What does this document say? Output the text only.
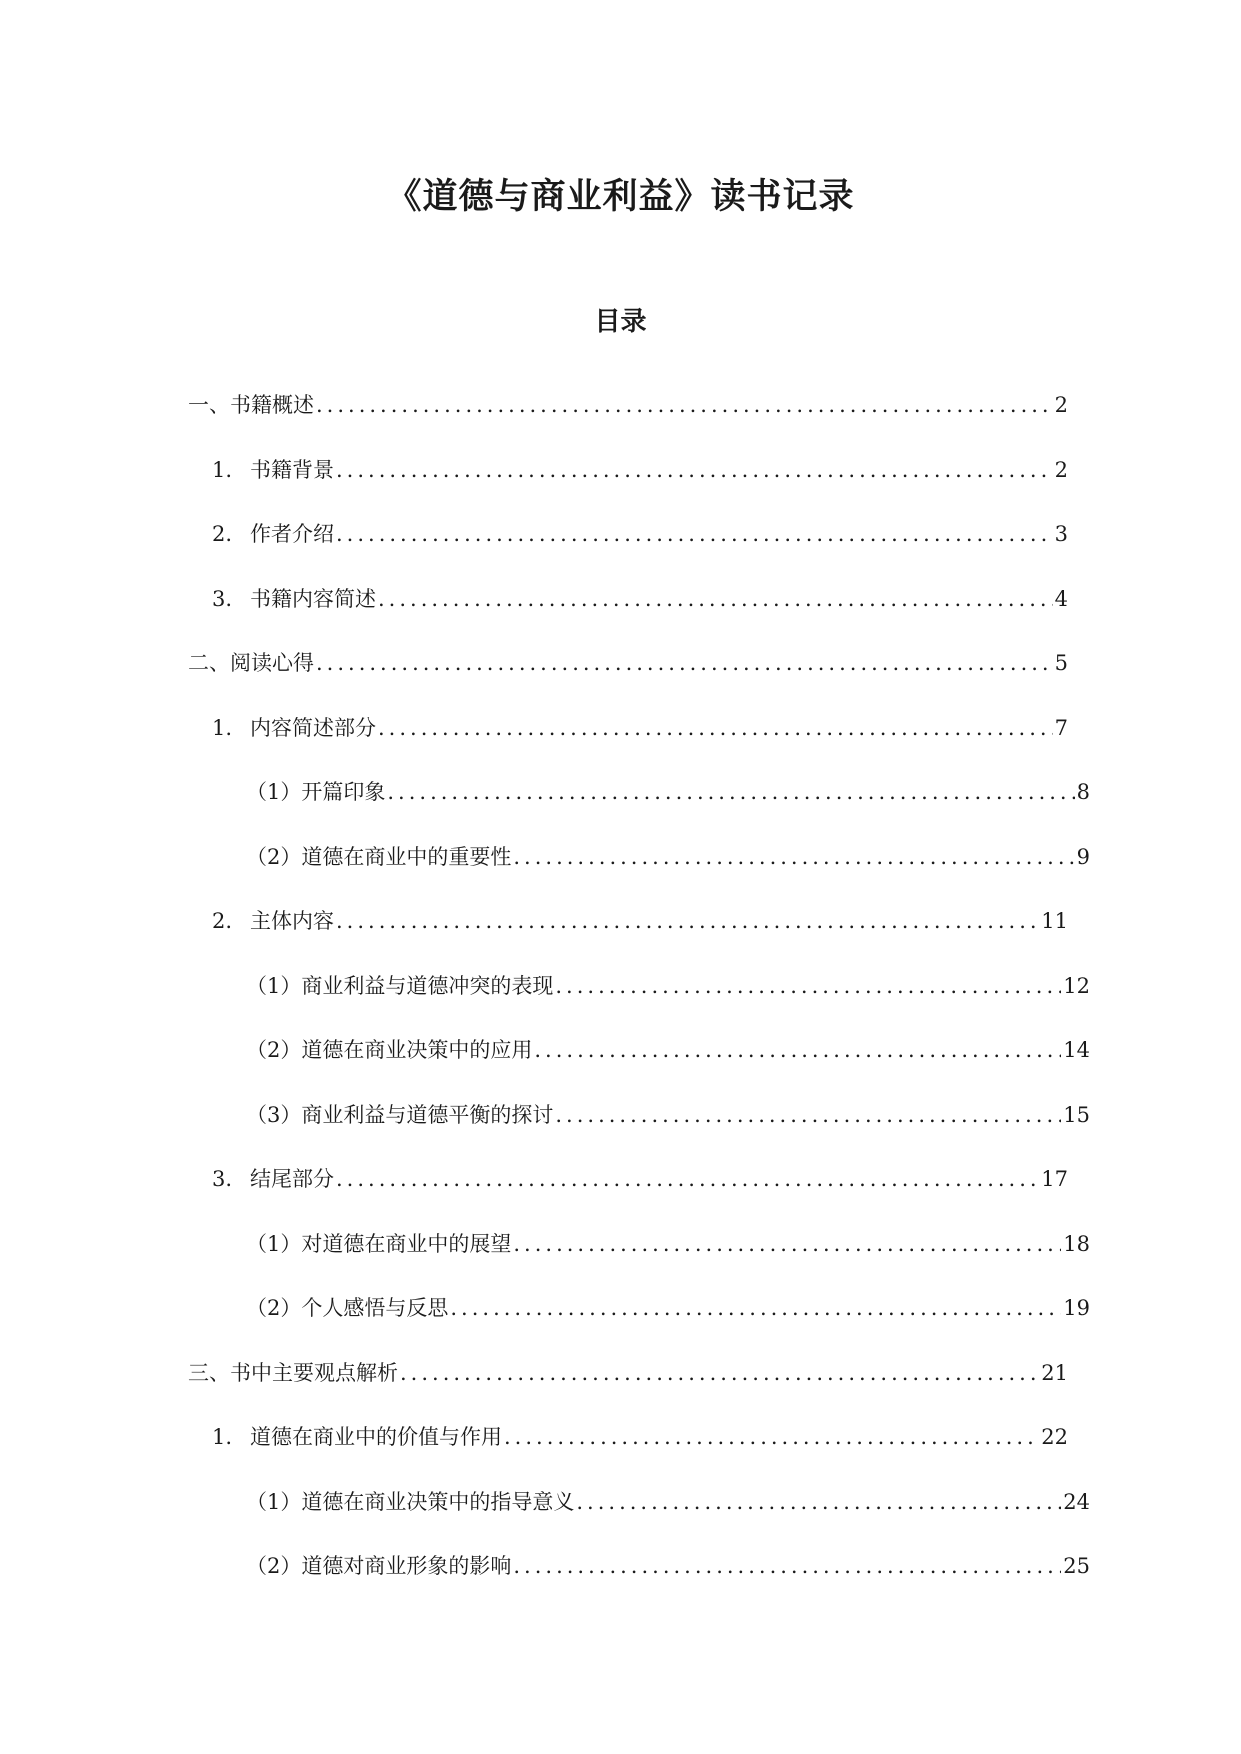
《道德与商业利益》读书记录
目录
一、 书籍概述 .....	2
1. 书籍背景 .....	2
2. 作者介绍 .....	3
3. 书籍内容简述 .....	4
二、 阅读心得 .....	5
1. 内容简述部分 .....	7
（1） 开篇印象 .....	8
（2） 道德在商业中的重要性 .....	9
2. 主体内容 .....	11
（1） 商业利益与道德冲突的表现 .....	12
（2） 道德在商业决策中的应用 .....	14
（3） 商业利益与道德平衡的探讨 .....	15
3. 结尾部分 .....	17
（1） 对道德在商业中的展望 .....	18
（2） 个人感悟与反思 .....	19
三、 书中主要观点解析 .....	21
1. 道德在商业中的价值与作用 .....	22
（1） 道德在商业决策中的指导意义 .....	24
（2） 道德对商业形象的影响 .....	25
